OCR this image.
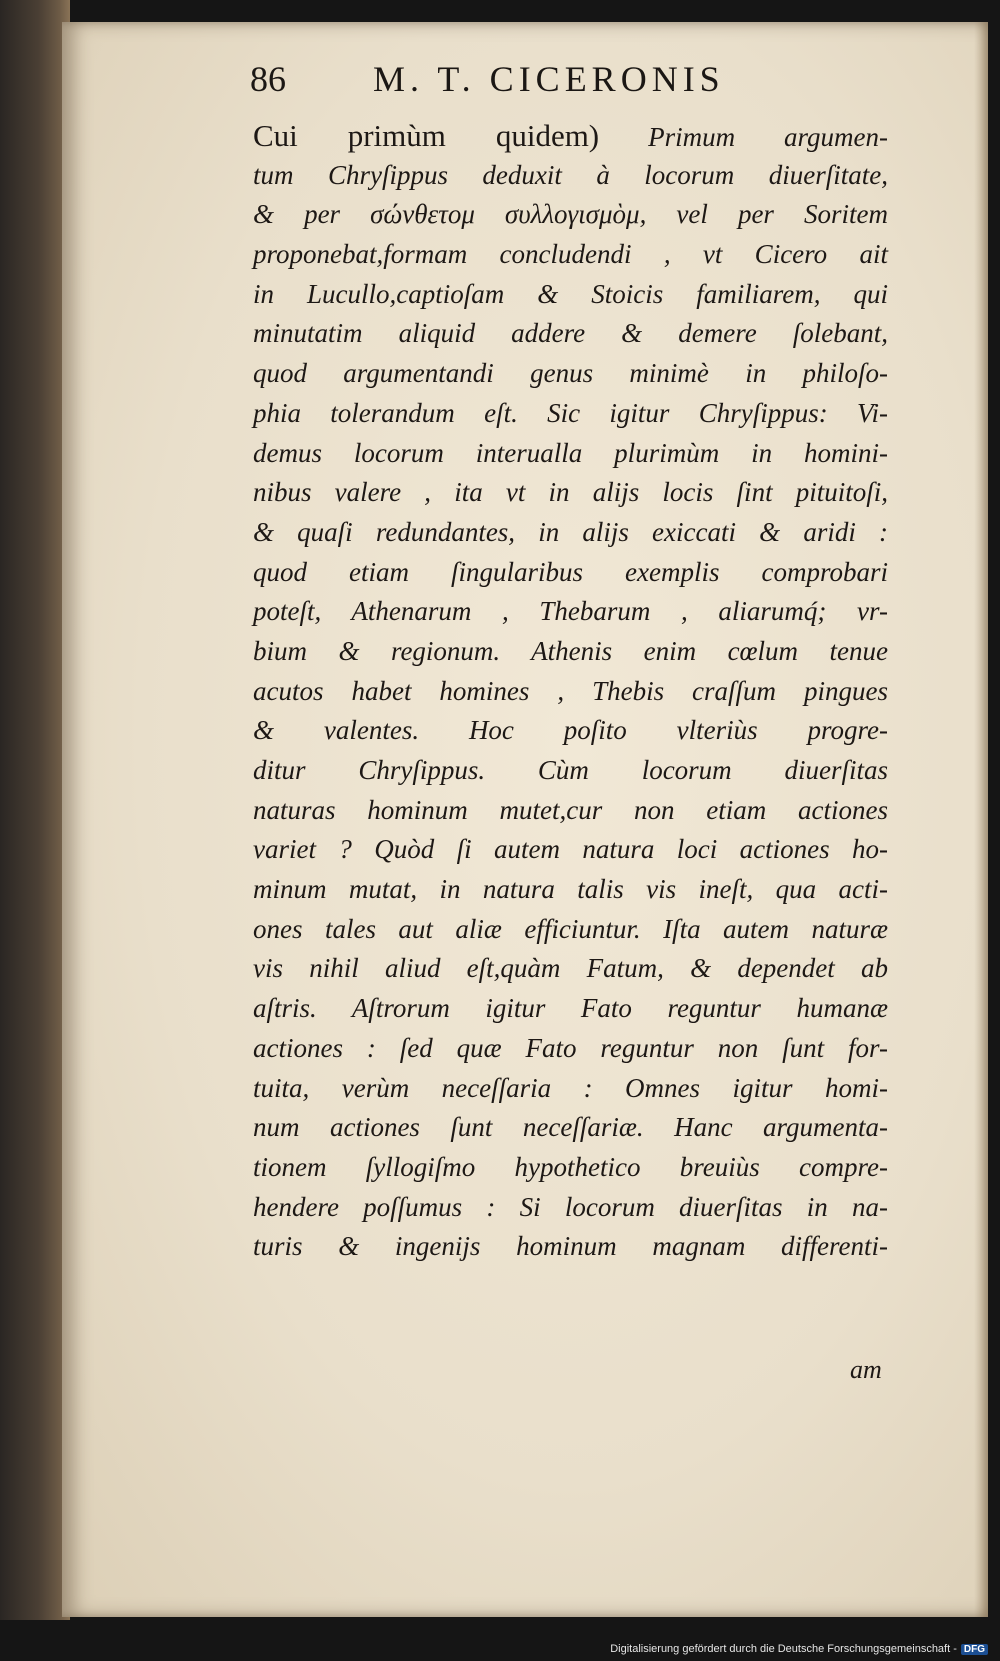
86 M. T. CICERONIS
Cui primùm quidem) Primum argumen-
tum Chryſippus deduxit à locorum diuerſitate,
& per σώνθετομ συλλογισμὸμ, vel per Soritem
proponebat,formam concludendi , vt Cicero ait
in Lucullo,captioſam & Stoicis familiarem, qui
minutatim aliquid addere & demere ſolebant,
quod argumentandi genus minimè in philoſo-
phia tolerandum eſt. Sic igitur Chryſippus: Vi-
demus locorum interualla plurimùm in homini-
nibus valere , ita vt in alijs locis ſint pituitoſi,
& quaſi redundantes, in alijs exiccati & aridi :
quod etiam ſingularibus exemplis comprobari
poteſt, Athenarum , Thebarum , aliarumq́; vr-
bium & regionum. Athenis enim cœlum tenue
acutos habet homines , Thebis craſſum pingues
& valentes. Hoc poſito vlteriùs progre-
ditur Chryſippus. Cùm locorum diuerſitas
naturas hominum mutet,cur non etiam actiones
variet ? Quòd ſi autem natura loci actiones ho-
minum mutat, in natura talis vis ineſt, qua acti-
ones tales aut aliæ efficiuntur. Iſta autem naturæ
vis nihil aliud eſt,quàm Fatum, & dependet ab
aſtris. Aſtrorum igitur Fato reguntur humanæ
actiones : ſed quæ Fato reguntur non ſunt for-
tuita, verùm neceſſaria : Omnes igitur homi-
num actiones ſunt neceſſariæ. Hanc argumenta-
tionem ſyllogiſmo hypothetico breuiùs compre-
hendere poſſumus : Si locorum diuerſitas in na-
turis & ingenijs hominum magnam differenti-
am
Digitalisierung gefördert durch die Deutsche Forschungsgemeinschaft - DFG
